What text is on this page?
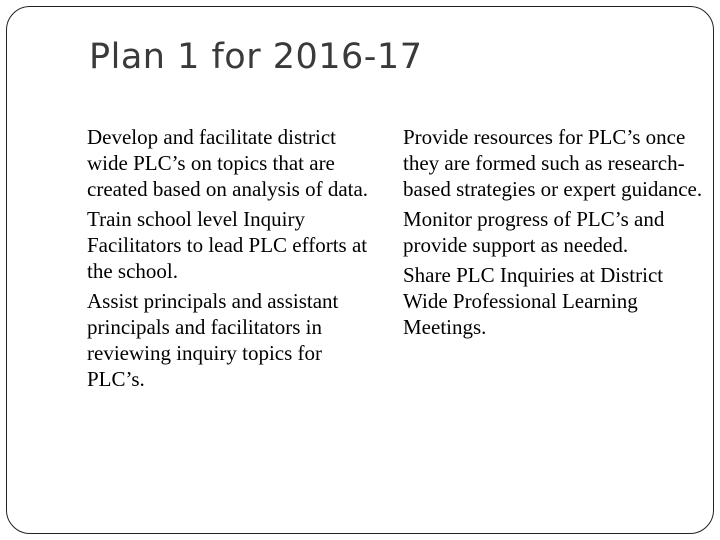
Plan 1 for 2016-17

Develop and facilitate district wide PLC’s on topics that are created based on analysis of data.

Train school level Inquiry Facilitators to lead PLC efforts at the school.

Assist principals and assistant principals and facilitators in reviewing inquiry topics for PLC’s.

Provide resources for PLC’s once they are formed such as research-based strategies or expert guidance.

Monitor progress of PLC’s and provide support as needed.

Share PLC Inquiries at District Wide Professional Learning Meetings.
